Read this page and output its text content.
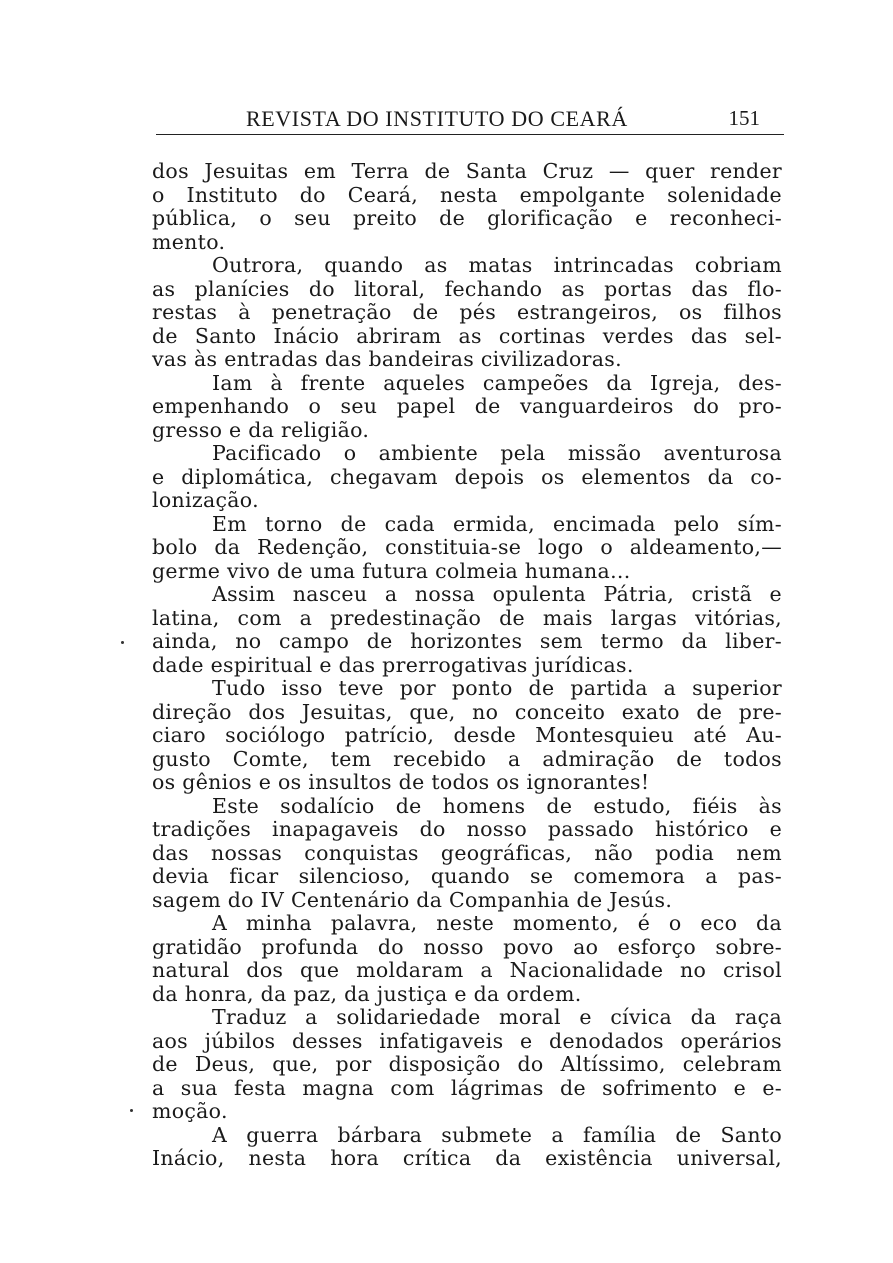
REVISTA DO INSTITUTO DO CEARÁ	151
dos Jesuitas em Terra de Santa Cruz — quer render
o Instituto do Ceará, nesta empolgante solenidade
pública, o seu preito de glorificação e reconheci-
mento.
Outrora, quando as matas intrincadas cobriam
as planícies do litoral, fechando as portas das flo-
restas à penetração de pés estrangeiros, os filhos
de Santo Inácio abriram as cortinas verdes das sel-
vas às entradas das bandeiras civilizadoras.
Iam à frente aqueles campeões da Igreja, des-
empenhando o seu papel de vanguardeiros do pro-
gresso e da religião.
Pacificado o ambiente pela missão aventurosa
e diplomática, chegavam depois os elementos da co-
lonização.
Em torno de cada ermida, encimada pelo sím-
bolo da Redenção, constituia-se logo o aldeamento,—
germe vivo de uma futura colmeia humana...
Assim nasceu a nossa opulenta Pátria, cristã e
latina, com a predestinação de mais largas vitórias,
ainda, no campo de horizontes sem termo da liber-
dade espiritual e das prerrogativas jurídicas.
Tudo isso teve por ponto de partida a superior
direção dos Jesuitas, que, no conceito exato de pre-
ciaro sociólogo patrício, desde Montesquieu até Au-
gusto Comte, tem recebido a admiração de todos
os gênios e os insultos de todos os ignorantes!
Este sodalício de homens de estudo, fiéis às
tradições inapagaveis do nosso passado histórico e
das nossas conquistas geográficas, não podia nem
devia ficar silencioso, quando se comemora a pas-
sagem do IV Centenário da Companhia de Jesús.
A minha palavra, neste momento, é o eco da
gratidão profunda do nosso povo ao esforço sobre-
natural dos que moldaram a Nacionalidade no crisol
da honra, da paz, da justiça e da ordem.
Traduz a solidariedade moral e cívica da raça
aos júbilos desses infatigaveis e denodados operários
de Deus, que, por disposição do Altíssimo, celebram
a sua festa magna com lágrimas de sofrimento e e-
moção.
A guerra bárbara submete a família de Santo
Inácio, nesta hora crítica da existência universal,
